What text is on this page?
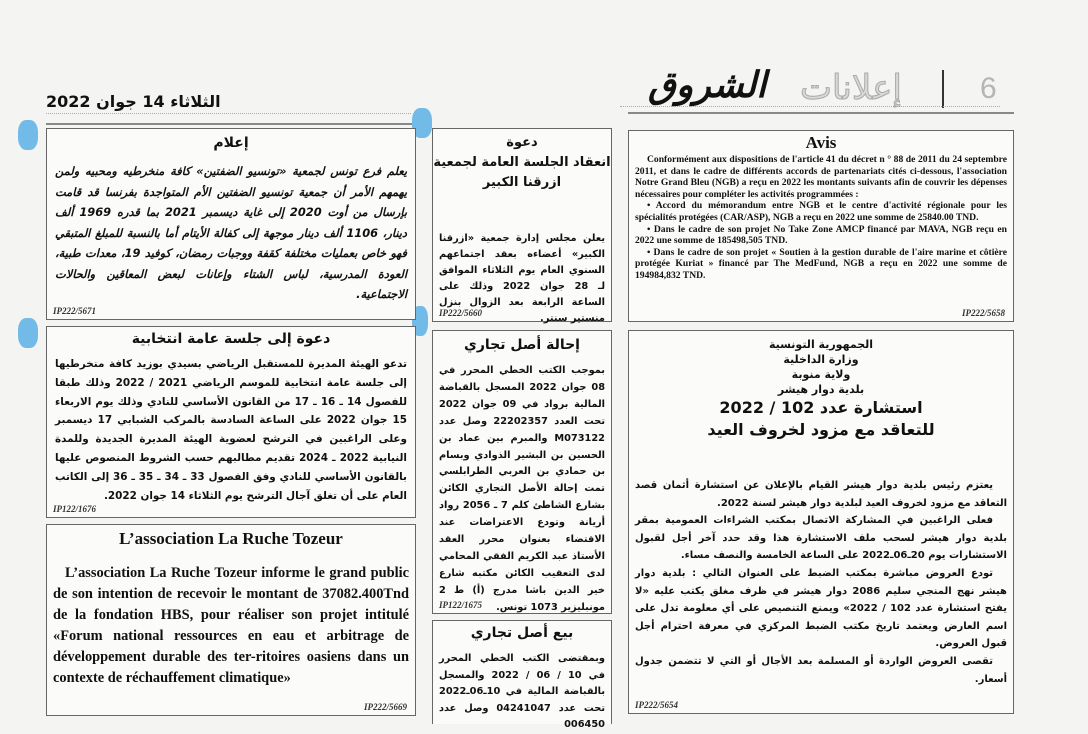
6
إعلانات
الشروق
الثلاثاء 14 جوان 2022
إعلام
يعلم فرع تونس لجمعية «تونسيو الضفتين» كافة منخرطيه ومحبيه ولمن يهمهم الأمر أن جمعية تونسيو الضفتين الأم المتواجدة بفرنسا قد قامت بإرسال من أوت 2020 إلى غاية ديسمبر 2021 بما قدره 1969 ألف دينار، 1106 ألف دينار موجهة إلى كفالة الأيتام أما بالنسبة للمبلغ المتبقي فهو خاص بعمليات مختلفة كقفة ووجبات رمضان، كوفيد 19، معدات طبية، العودة المدرسية، لباس الشتاء وإعانات لبعض المعاقين والحالات الاجتماعية.
IP222/5671
دعوة إلى جلسة عامة انتخابية
تدعو الهيئة المديرة للمستقبل الرياضي بسيدي بوزيد كافة منخرطيها إلى جلسة عامة انتخابية للموسم الرياضي 2021 / 2022 وذلك طبقا للفصول 14 ـ 16 ـ 17 من القانون الأساسي للنادي وذلك يوم الاربعاء 15 جوان 2022 على الساعة السادسة بالمركب الشبابي 17 ديسمبر وعلى الراغبين في الترشح لعضوية الهيئة المديرة الجديدة وللمدة النيابية 2022 ـ 2024 تقديم مطالبهم حسب الشروط المنصوص عليها بالقانون الأساسي للنادي وفق الفصول 33 ـ 34 ـ 35 ـ 36 إلى الكاتب العام على أن تغلق آجال الترشح يوم الثلاثاء 14 جوان 2022.
IP122/1676
L’association La Ruche Tozeur
L’association La Ruche Tozeur informe le grand public de son intention de recevoir le montant de 37082.400Tnd de la fondation HBS, pour réaliser son projet intitulé «Forum national ressources en eau et arbitrage de développement durable des ter-ritoires oasiens dans un contexte de réchauffement climatique»
IP222/5669
دعوة
انعقاد الجلسة العامة لجمعية
ازرقنا الكبير
يعلن مجلس إدارة جمعية «ازرقنا الكبير» أعضاءه بعقد اجتماعهم السنوي العام يوم الثلاثاء الموافق لـ 28 جوان 2022 وذلك على الساعة الرابعة بعد الزوال بنزل منستير سنتر.
IP222/5660
إحالة أصل تجاري
بموجب الكتب الخطي المحرر في 08 جوان 2022 المسجل بالقباضة المالية برواد في 09 جوان 2022 تحت العدد 22202357 وصل عدد M073122 والمبرم بين عماد بن الحسين بن البشير الذوادي وبسام بن حمادي بن العربي الطرابلسي تمت إحالة الأصل التجاري الكائن بشارع الشاطئ كلم 7 ـ 2056 رواد أريانة وتودع الاعتراضات عند الاقتضاء بعنوان محرر العقد الأستاذ عبد الكريم الفقي المحامي لدى التعقيب الكائن مكتبه شارع خير الدين باشا مدرج (أ) ط 2 مونبليزير 1073 تونس.
IP122/1675
بيع أصل تجاري
وبمقتضى الكتب الخطي المحرر في 10 / 06 / 2022 والمسجل بالقباضة المالية في 10ـ06ـ2022 تحت عدد 04241047 وصل عدد 006450
Avis
Conformément aux dispositions de l'article 41 du décret n ° 88 de 2011 du 24 septembre 2011, et dans le cadre de différents accords de partenariats cités ci-dessous, l'association Notre Grand Bleu (NGB) a reçu en 2022 les montants suivants afin de couvrir les dépenses nécessaires pour compléter les activités programmées :
• Accord du mémorandum entre NGB et le centre d'activité régionale pour les spécialités protégées (CAR/ASP), NGB a reçu en 2022 une somme de 25840.00 TND.
• Dans le cadre de son projet No Take Zone AMCP financé par MAVA, NGB reçu en 2022 une somme de 185498,505 TND.
• Dans le cadre de son projet « Soutien à la gestion durable de l'aire marine et côtière protégée Kuriat » financé par The MedFund, NGB a reçu en 2022 une somme de 194984,832 TND.
IP222/5658
الجمهورية التونسية
وزارة الداخلية
ولاية منوبة
بلدية دوار هيشر
استشارة عدد 102 / 2022
للتعاقد مع مزود لخروف العيد
يعتزم رئيس بلدية دوار هيشر القيام بالإعلان عن استشارة أثمان قصد التعاقد مع مزود لخروف العيد لبلدية دوار هيشر لسنة 2022.
فعلى الراغبين في المشاركة الاتصال بمكتب الشراءات العمومية بمقر بلدية دوار هيشر لسحب ملف الاستشارة هذا وقد حدد آخر أجل لقبول الاستشارات يوم 20ـ06ـ2022 على الساعة الخامسة والنصف مساء.
تودع العروض مباشرة بمكتب الضبط على العنوان التالي : بلدية دوار هيشر نهج المنجي سليم 2086 دوار هيشر في ظرف مغلق يكتب عليه «لا يفتح استشارة عدد 102 / 2022» ويمنع التنصيص على أي معلومة تدل على اسم العارض ويعتمد تاريخ مكتب الضبط المركزي في معرفة احترام أجل قبول العروض.
تقصى العروض الواردة أو المسلمة بعد الأجال أو التي لا تتضمن جدول أسعار.
IP222/5654
